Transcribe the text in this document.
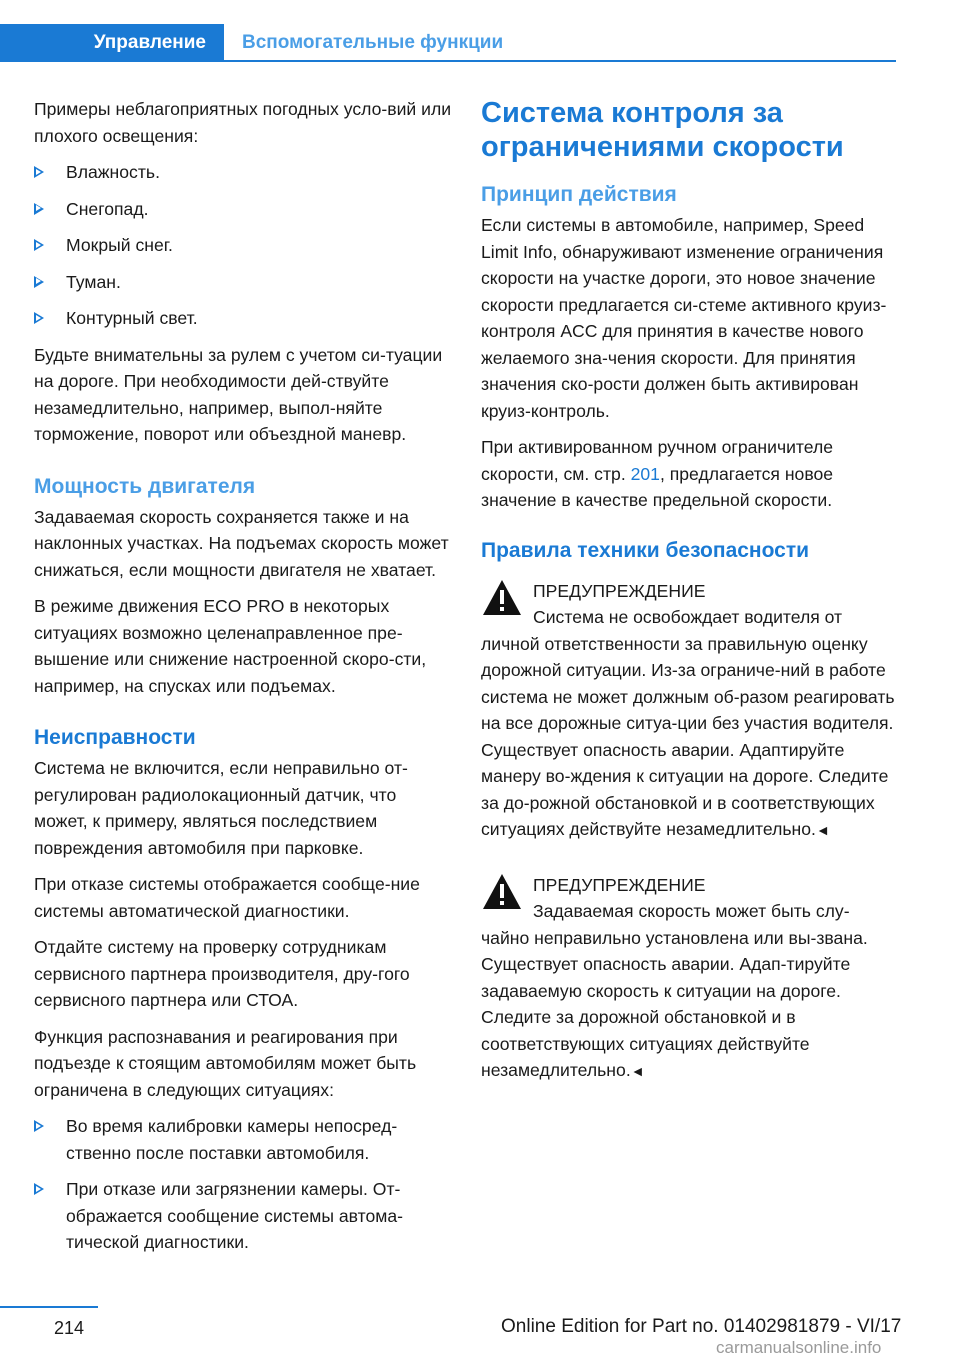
Управление	Вспомогательные функции

Примеры неблагоприятных погодных усло-вий или плохого освещения:

Влажность.
Снегопад.
Мокрый снег.
Туман.
Контурный свет.

Будьте внимательны за рулем с учетом си-туации на дороге. При необходимости дей-ствуйте незамедлительно, например, выпол-няйте торможение, поворот или объездной маневр.

Мощность двигателя

Задаваемая скорость сохраняется также и на наклонных участках. На подъемах скорость может снижаться, если мощности двигателя не хватает.

В режиме движения ECO PRO в некоторых ситуациях возможно целенаправленное пре-вышение или снижение настроенной скоро-сти, например, на спусках или подъемах.

Неисправности

Система не включится, если неправильно от-регулирован радиолокационный датчик, что может, к примеру, являться последствием повреждения автомобиля при парковке.

При отказе системы отображается сообще-ние системы автоматической диагностики.

Отдайте систему на проверку сотрудникам сервисного партнера производителя, дру-гого сервисного партнера или СТОА.

Функция распознавания и реагирования при подъезде к стоящим автомобилям может быть ограничена в следующих ситуациях:

Во время калибровки камеры непосред-ственно после поставки автомобиля.
При отказе или загрязнении камеры. От-ображается сообщение системы автома-тической диагностики.
Система контроля за ограничениями скорости
Принцип действия

Если системы в автомобиле, например, Speed Limit Info, обнаруживают изменение ограничения скорости на участке дороги, это новое значение скорости предлагается си-стеме активного круиз-контроля ACC для принятия в качестве нового желаемого зна-чения скорости. Для принятия значения ско-рости должен быть активирован круиз-контроль.

При активированном ручном ограничителе скорости, см. стр. 201, предлагается новое значение в качестве предельной скорости.

Правила техники безопасности
ПРЕДУПРЕЖДЕНИЕ
Система не освобождает водителя от личной ответственности за правильную оценку дорожной ситуации. Из-за ограниче-ний в работе система не может должным об-разом реагировать на все дорожные ситуа-ции без участия водителя. Существует опасность аварии. Адаптируйте манеру во-ждения к ситуации на дороге. Следите за до-рожной обстановкой и в соответствующих ситуациях действуйте незамедлительно.◄
ПРЕДУПРЕЖДЕНИЕ
Задаваемая скорость может быть слу-чайно неправильно установлена или вы-звана. Существует опасность аварии. Адап-тируйте задаваемую скорость к ситуации на дороге. Следите за дорожной обстановкой и в соответствующих ситуациях действуйте незамедлительно.◄
214	Online Edition for Part no. 01402981879 - VI/17
carmanualsonline.info
